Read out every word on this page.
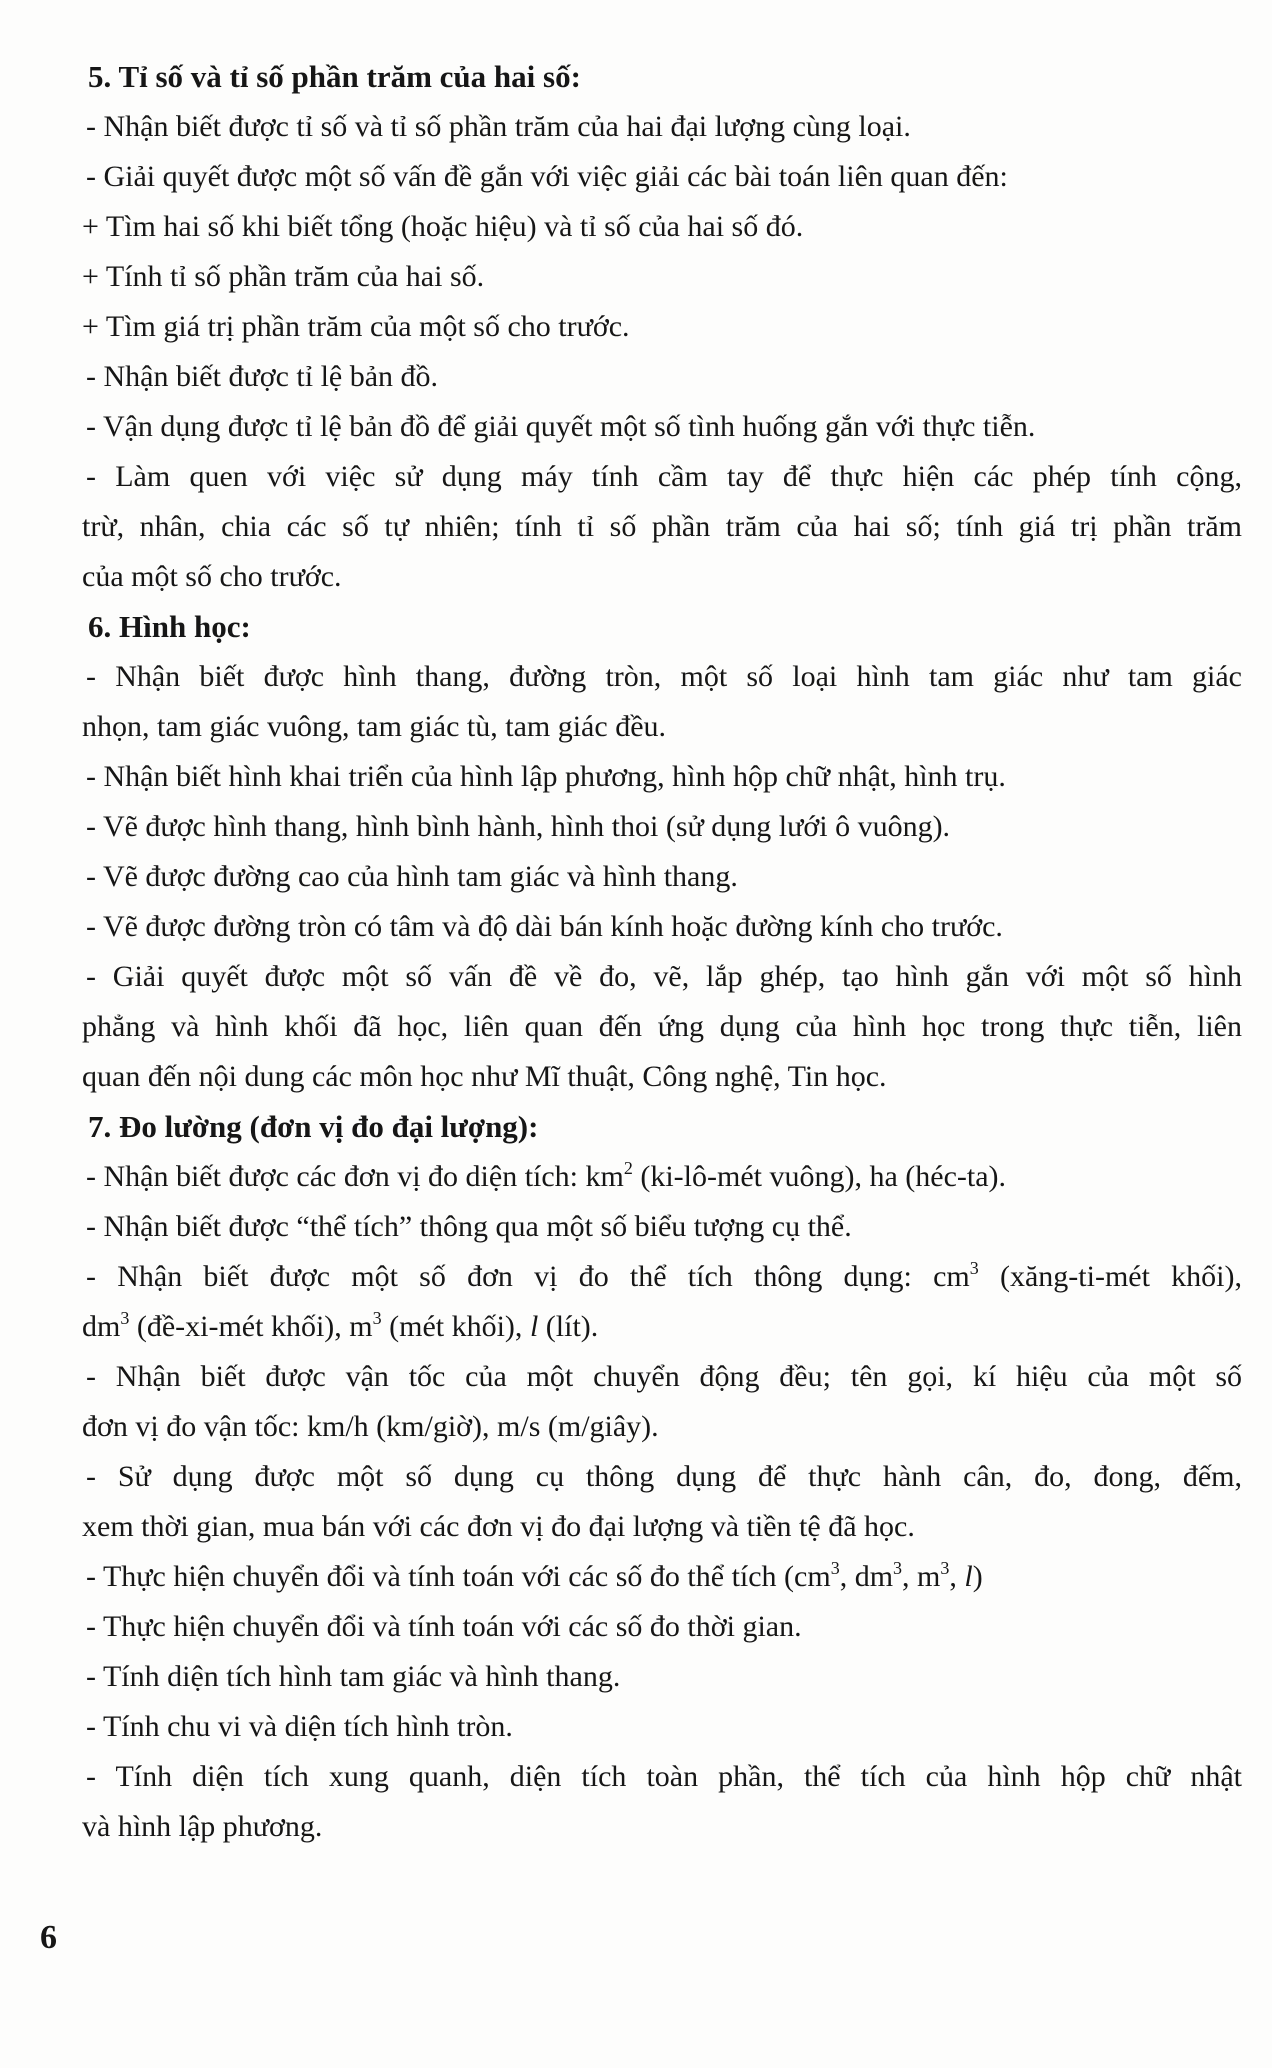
5. Tỉ số và tỉ số phần trăm của hai số:
- Nhận biết được tỉ số và tỉ số phần trăm của hai đại lượng cùng loại.
- Giải quyết được một số vấn đề gắn với việc giải các bài toán liên quan đến:
+ Tìm hai số khi biết tổng (hoặc hiệu) và tỉ số của hai số đó.
+ Tính tỉ số phần trăm của hai số.
+ Tìm giá trị phần trăm của một số cho trước.
- Nhận biết được tỉ lệ bản đồ.
- Vận dụng được tỉ lệ bản đồ để giải quyết một số tình huống gắn với thực tiễn.
- Làm quen với việc sử dụng máy tính cầm tay để thực hiện các phép tính cộng,
trừ, nhân, chia các số tự nhiên; tính tỉ số phần trăm của hai số; tính giá trị phần trăm
của một số cho trước.
6. Hình học:
- Nhận biết được hình thang, đường tròn, một số loại hình tam giác như tam giác
nhọn, tam giác vuông, tam giác tù, tam giác đều.
- Nhận biết hình khai triển của hình lập phương, hình hộp chữ nhật, hình trụ.
- Vẽ được hình thang, hình bình hành, hình thoi (sử dụng lưới ô vuông).
- Vẽ được đường cao của hình tam giác và hình thang.
- Vẽ được đường tròn có tâm và độ dài bán kính hoặc đường kính cho trước.
- Giải quyết được một số vấn đề về đo, vẽ, lắp ghép, tạo hình gắn với một số hình
phẳng và hình khối đã học, liên quan đến ứng dụng của hình học trong thực tiễn, liên
quan đến nội dung các môn học như Mĩ thuật, Công nghệ, Tin học.
7. Đo lường (đơn vị đo đại lượng):
- Nhận biết được các đơn vị đo diện tích: $km^2$ (ki-lô-mét vuông), ha (héc-ta).
- Nhận biết được “thể tích” thông qua một số biểu tượng cụ thể.
- Nhận biết được một số đơn vị đo thể tích thông dụng: $cm^3$ (xăng-ti-mét khối),
$dm^3$ (đề-xi-mét khối), $m^3$ (mét khối), l (lít).
- Nhận biết được vận tốc của một chuyển động đều; tên gọi, kí hiệu của một số
đơn vị đo vận tốc: km/h (km/giờ), m/s (m/giây).
- Sử dụng được một số dụng cụ thông dụng để thực hành cân, đo, đong, đếm,
xem thời gian, mua bán với các đơn vị đo đại lượng và tiền tệ đã học.
- Thực hiện chuyển đổi và tính toán với các số đo thể tích ($cm^3$, $dm^3$, $m^3$, l)
- Thực hiện chuyển đổi và tính toán với các số đo thời gian.
- Tính diện tích hình tam giác và hình thang.
- Tính chu vi và diện tích hình tròn.
- Tính diện tích xung quanh, diện tích toàn phần, thể tích của hình hộp chữ nhật
và hình lập phương.
6
